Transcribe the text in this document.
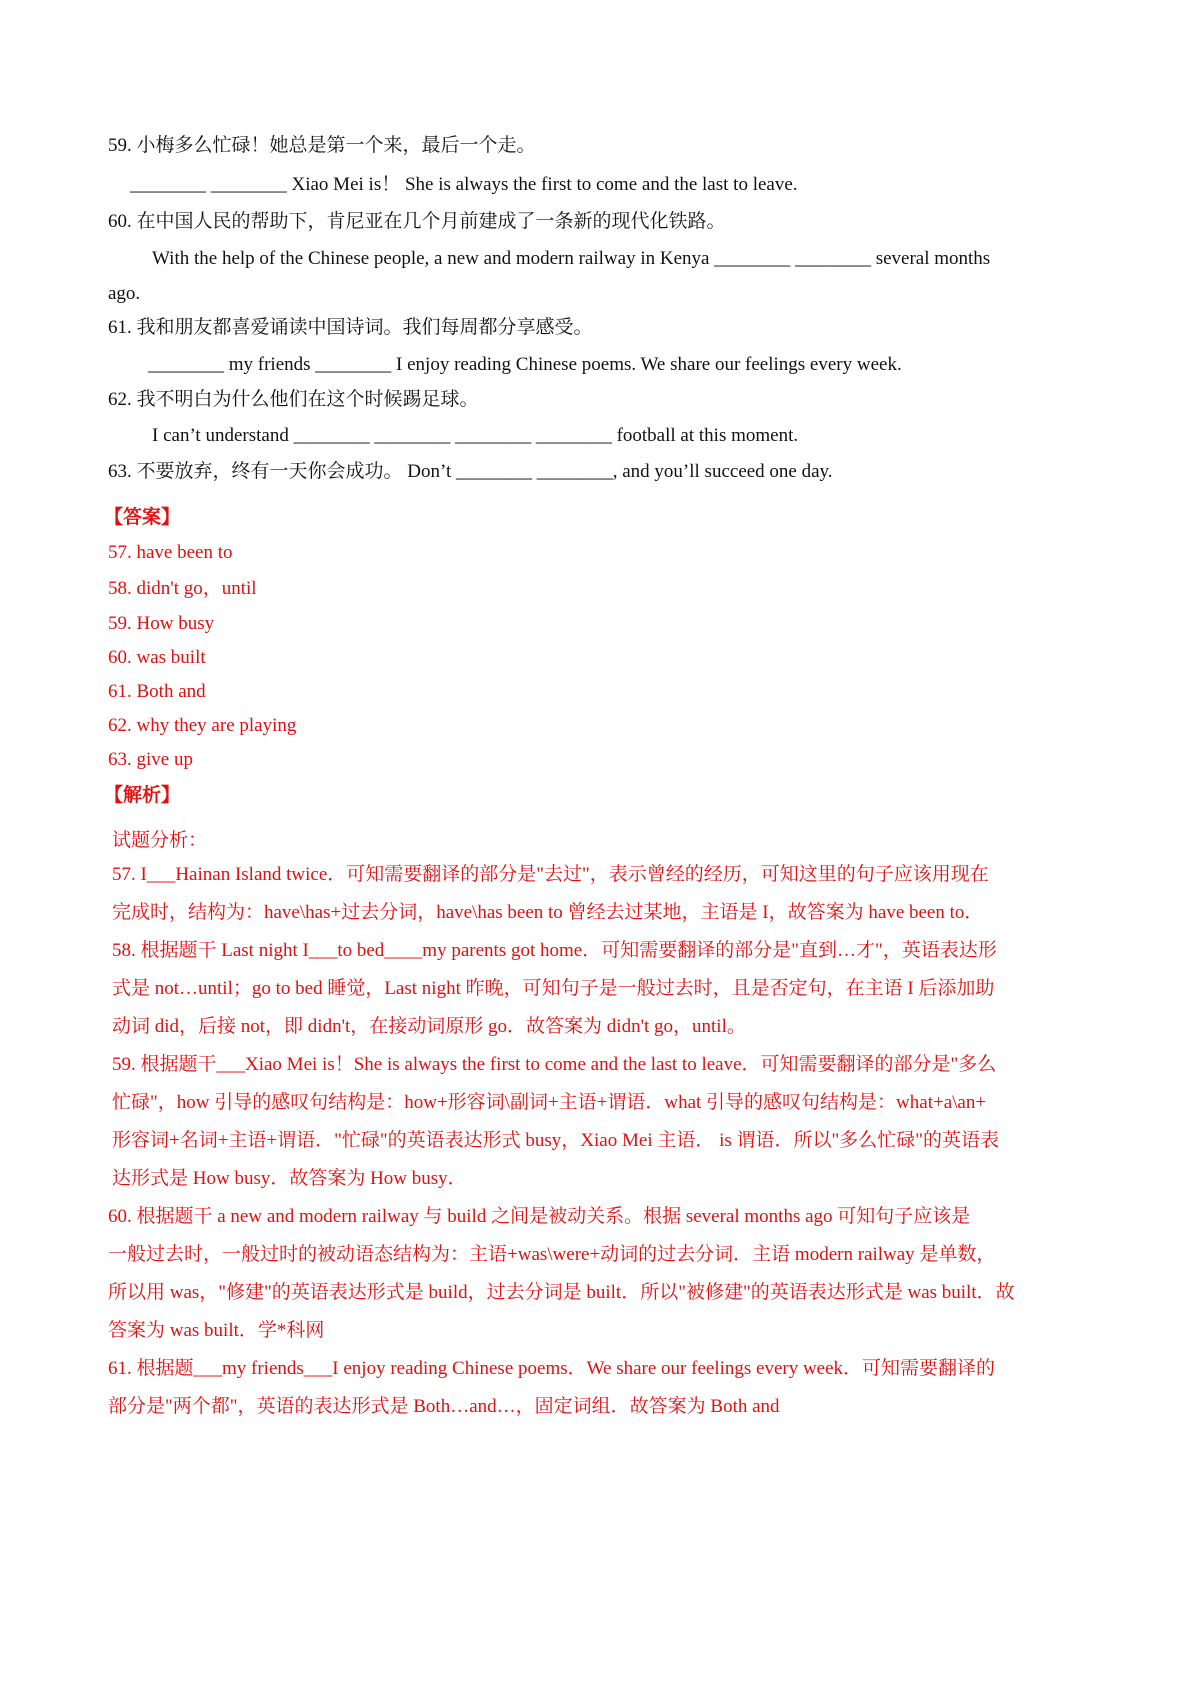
59. 小梅多么忙碌！她总是第一个来，最后一个走。
________ ________ Xiao Mei is！ She is always the first to come and the last to leave.
60. 在中国人民的帮助下，肯尼亚在几个月前建成了一条新的现代化铁路。
With the help of the Chinese people, a new and modern railway in Kenya ________ ________ several months
ago.
61. 我和朋友都喜爱诵读中国诗词。我们每周都分享感受。
________ my friends ________ I enjoy reading Chinese poems. We share our feelings every week.
62. 我不明白为什么他们在这个时候踢足球。
I can’t understand ________ ________ ________ ________ football at this moment.
63. 不要放弃，终有一天你会成功。 Don’t ________ ________, and you’ll succeed one day.
【答案】
57. have been to
58. didn't go，until
59. How busy
60. was built
61. Both and
62. why they are playing
63. give up
【解析】
试题分析：
57. I___Hainan Island twice．可知需要翻译的部分是"去过"，表示曾经的经历，可知这里的句子应该用现在
完成时，结构为：have\has+过去分词，have\has been to 曾经去过某地，主语是 I，故答案为 have been to．
58. 根据题干 Last night I___to bed____my parents got home．可知需要翻译的部分是"直到…才"，英语表达形
式是 not…until；go to bed 睡觉，Last night 昨晚，可知句子是一般过去时，且是否定句，在主语 I 后添加助
动词 did，后接 not，即 didn't，在接动词原形 go．故答案为 didn't go，until。
59. 根据题干___Xiao Mei is！She is always the first to come and the last to leave．可知需要翻译的部分是"多么
忙碌"，how 引导的感叹句结构是：how+形容词\副词+主语+谓语．what 引导的感叹句结构是：what+a\an+
形容词+名词+主语+谓语．"忙碌"的英语表达形式 busy，Xiao Mei 主语． is 谓语．所以"多么忙碌"的英语表
达形式是 How busy．故答案为 How busy．
60. 根据题干 a new and modern railway 与 build 之间是被动关系。根据 several months ago 可知句子应该是
一般过去时，一般过时的被动语态结构为：主语+was\were+动词的过去分词．主语 modern railway 是单数，
所以用 was，"修建"的英语表达形式是 build，过去分词是 built．所以"被修建"的英语表达形式是 was built．故
答案为 was built．学*科网
61. 根据题___my friends___I enjoy reading Chinese poems．We share our feelings every week．可知需要翻译的
部分是"两个都"，英语的表达形式是 Both…and…，固定词组．故答案为 Both and
